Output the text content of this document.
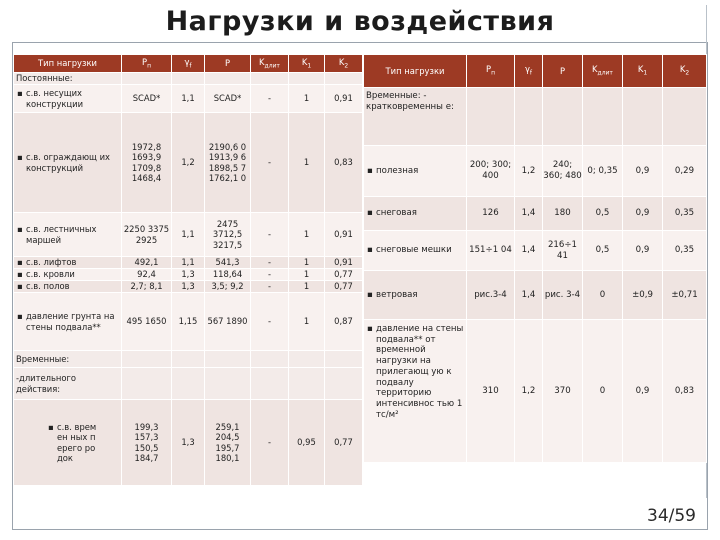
Нагрузки и воздействия
Тип нагрузки	$P_п$	$\gamma_f$	P	$K_{длит}$	$K_1$	$K_2$
Постоянные:						

▪ с.в. несущих конструкции	SCAD*	1,1	SCAD*	-	1	0,91

▪ с.в. ограждающ их конструкций	1972,8 1693,9 1709,8 1468,4	1,2	2190,6 0 1913,9 6 1898,5 7 1762,1 0	-	1	0,83

▪ с.в. лестничных маршей	2250 3375 2925	1,1	2475 3712,5 3217,5	-	1	0,91

▪ с.в. лифтов	492,1	1,1	541,3	-	1	0,91

▪ с.в. кровли	92,4	1,3	118,64	-	1	0,77

▪ с.в. полов	2,7; 8,1	1,3	3,5; 9,2	-	1	0,77

▪ давление грунта на стены подвала**	495 1650	1,15	567 1890	-	1	0,87
Временные:						
-длительного действия:						

▪ с.в. времен ных перего родок	199,3 157,3 150,5 184,7	1,3	259,1 204,5 195,7 180,1	-	0,95	0,77
Тип нагрузки	$P_п$	$\gamma_f$	P	$K_{длит}$	$K_1$	$K_2$
Временные: - кратковременны е:						

▪ полезная	200; 300; 400	1,2	240; 360; 480	0; 0,35	0,9	0,29

▪ снеговая	126	1,4	180	0,5	0,9	0,35

▪ снеговые мешки	151÷1 04	1,4	216÷1 41	0,5	0,9	0,35

▪ ветровая	рис.3-4	1,4	рис. 3-4	0	±0,9	±0,71

▪ давление на стены подвала** от временной нагрузки на прилегающ ую к подвалу территорию интенсивнос тью 1 тс/м²	310	1,2	370	0	0,9	0,83
34/59
